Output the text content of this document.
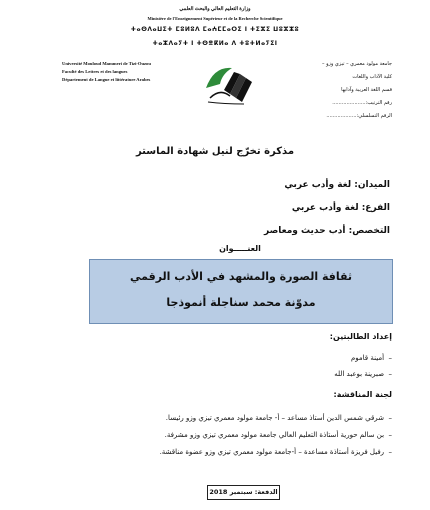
وزارة التعليم العالي والبحث العلمي
Ministère de l'Enseignement Supérieur et de la Recherche Scientifique
ⵜⴰⵙⴷⴰⵡⵉⵜ ⵎⵓⵍⵓⴷ ⵎⴰⵄⵎⵎⴰⵔⵉ ⵏ ⵜⵉⵣⵉ ⵡⵓⵣⵣⵓ
ⵜⴰⵣⴷⴰⵢⵜ ⵏ ⵜⵙⴻⴽⵍⴰ ⴷ ⵜⵓⵜⵍⴰⵢⵉⵏ
Université Mouloud Mammeri de Tizi-Ouzou
Faculté des Lettres et des langues
Département de Langue et littérature Arabes
جامعة مولود معمري – تيزي وزو –
كلية الآداب واللغات
قسم اللغة العربية وآدابها
رقم الترتيب:.....................
الرقم التسلسلي:...................
مذكرة تخرّج لنيل شهادة الماستر
الميدان: لغة وأدب عربي
الفرع: لغة وأدب عربي
التخصص: أدب حديث ومعاصر
العنـــــوان
ثقافة الصورة والمشهد في الأدب الرقمي
مدوّنة محمد سناجلة أنموذجا
إعداد الطالبتين:
–  أمينة قاموم
–  صبرينة بوعبد الله
لجنة المناقشة:
–  شرقي شمس الدين أستاذ مساعد – أ- جامعة مولود معمري تيزي وزو رئيسا.
–  بن سالم حورية أستاذة التعليم العالي جامعة مولود معمري تيزي وزو مشرفة.
–  رفيل فريزة أستاذة مساعدة – أ-جامعة مولود معمري تيزي وزو عضوة مناقشة.
الدفعة: سبتمبر 2018
